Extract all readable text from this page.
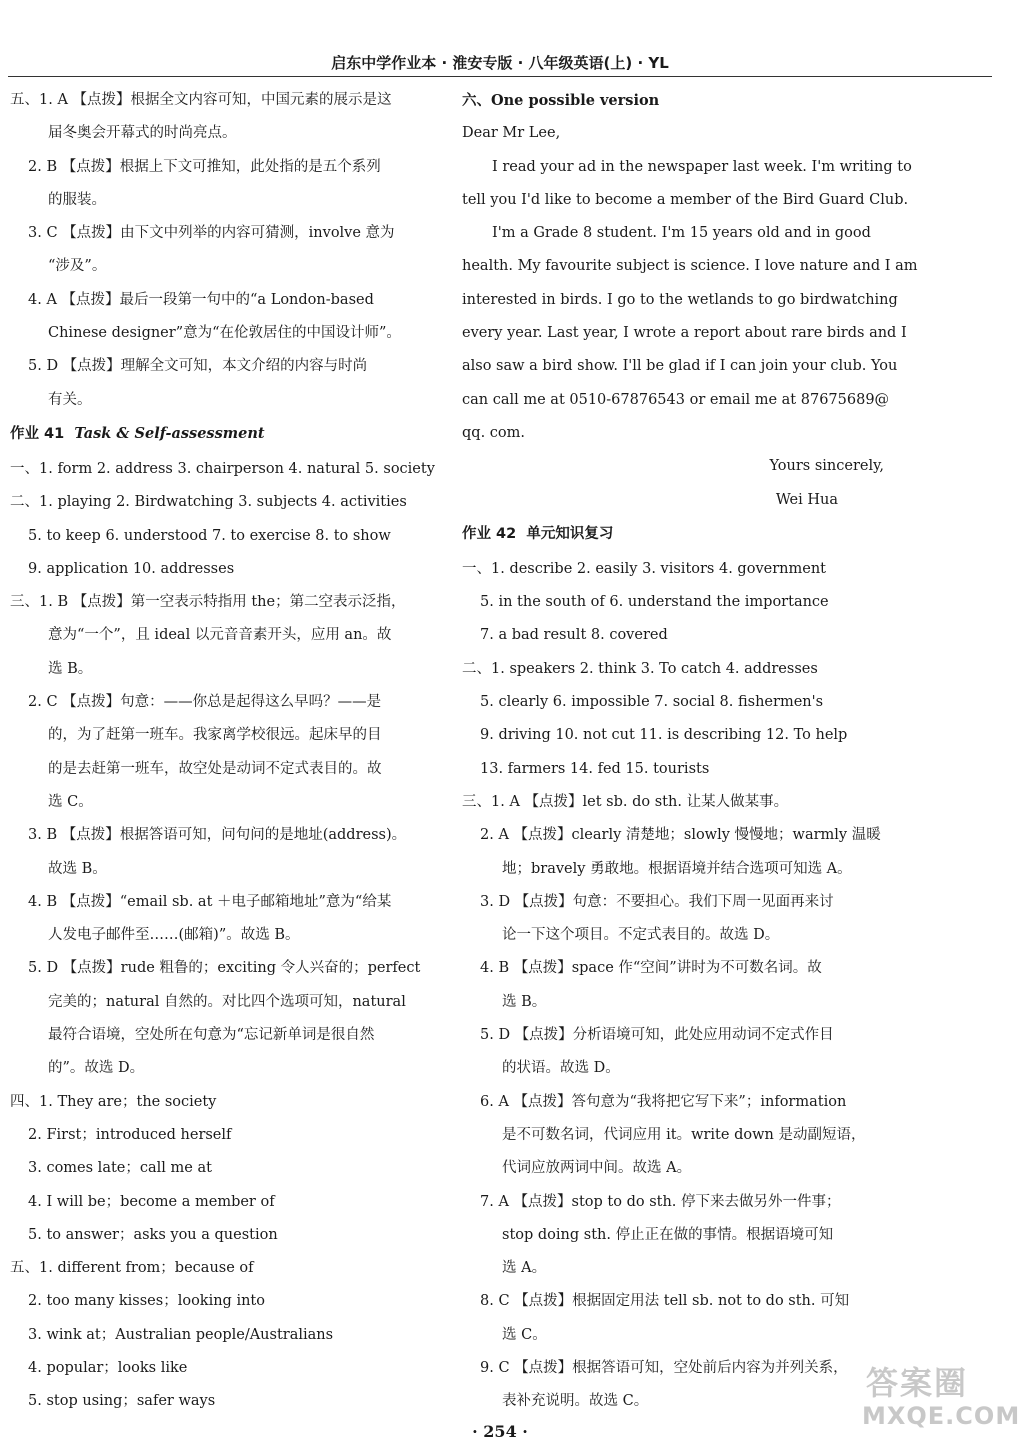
启东中学作业本 · 淮安专版 · 八年级英语(上) · YL
五、1. A 【点拨】根据全文内容可知，中国元素的展示是这
届冬奥会开幕式的时尚亮点。
2. B 【点拨】根据上下文可推知，此处指的是五个系列
的服装。
3. C 【点拨】由下文中列举的内容可猜测，involve 意为
“涉及”。
4. A 【点拨】最后一段第一句中的“a London-based
Chinese designer”意为“在伦敦居住的中国设计师”。
5. D 【点拨】理解全文可知，本文介绍的内容与时尚
有关。
作业 41 Task & Self-assessment
一、1. form 2. address 3. chairperson 4. natural 5. society
二、1. playing 2. Birdwatching 3. subjects 4. activities
5. to keep 6. understood 7. to exercise 8. to show
9. application 10. addresses
三、1. B 【点拨】第一空表示特指用 the；第二空表示泛指，
意为“一个”，且 ideal 以元音音素开头，应用 an。故
选 B。
2. C 【点拨】句意：——你总是起得这么早吗？——是
的，为了赶第一班车。我家离学校很远。起床早的目
的是去赶第一班车，故空处是动词不定式表目的。故
选 C。
3. B 【点拨】根据答语可知，问句问的是地址(address)。
故选 B。
4. B 【点拨】“email sb. at ＋电子邮箱地址”意为“给某
人发电子邮件至……(邮箱)”。故选 B。
5. D 【点拨】rude 粗鲁的；exciting 令人兴奋的；perfect
完美的；natural 自然的。对比四个选项可知，natural
最符合语境，空处所在句意为“忘记新单词是很自然
的”。故选 D。
四、1. They are；the society
2. First；introduced herself
3. comes late；call me at
4. I will be；become a member of
5. to answer；asks you a question
五、1. different from；because of
2. too many kisses；looking into
3. wink at；Australian people/Australians
4. popular；looks like
5. stop using；safer ways
六、One possible version
Dear Mr Lee,
I read your ad in the newspaper last week. I'm writing to
tell you I'd like to become a member of the Bird Guard Club.
I'm a Grade 8 student. I'm 15 years old and in good
health. My favourite subject is science. I love nature and I am
interested in birds. I go to the wetlands to go birdwatching
every year. Last year, I wrote a report about rare birds and I
also saw a bird show. I'll be glad if I can join your club. You
can call me at 0510-67876543 or email me at 87675689@
qq. com.
Yours sincerely,
Wei Hua
作业 42 单元知识复习
一、1. describe 2. easily 3. visitors 4. government
5. in the south of 6. understand the importance
7. a bad result 8. covered
二、1. speakers 2. think 3. To catch 4. addresses
5. clearly 6. impossible 7. social 8. fishermen's
9. driving 10. not cut 11. is describing 12. To help
13. farmers 14. fed 15. tourists
三、1. A 【点拨】let sb. do sth. 让某人做某事。
2. A 【点拨】clearly 清楚地；slowly 慢慢地；warmly 温暖
地；bravely 勇敢地。根据语境并结合选项可知选 A。
3. D 【点拨】句意：不要担心。我们下周一见面再来讨
论一下这个项目。不定式表目的。故选 D。
4. B 【点拨】space 作“空间”讲时为不可数名词。故
选 B。
5. D 【点拨】分析语境可知，此处应用动词不定式作目
的状语。故选 D。
6. A 【点拨】答句意为“我将把它写下来”；information
是不可数名词，代词应用 it。write down 是动副短语，
代词应放两词中间。故选 A。
7. A 【点拨】stop to do sth. 停下来去做另外一件事；
stop doing sth. 停止正在做的事情。根据语境可知
选 A。
8. C 【点拨】根据固定用法 tell sb. not to do sth. 可知
选 C。
9. C 【点拨】根据答语可知，空处前后内容为并列关系，
表补充说明。故选 C。
· 254 ·
答案圈
MXQE.COM
